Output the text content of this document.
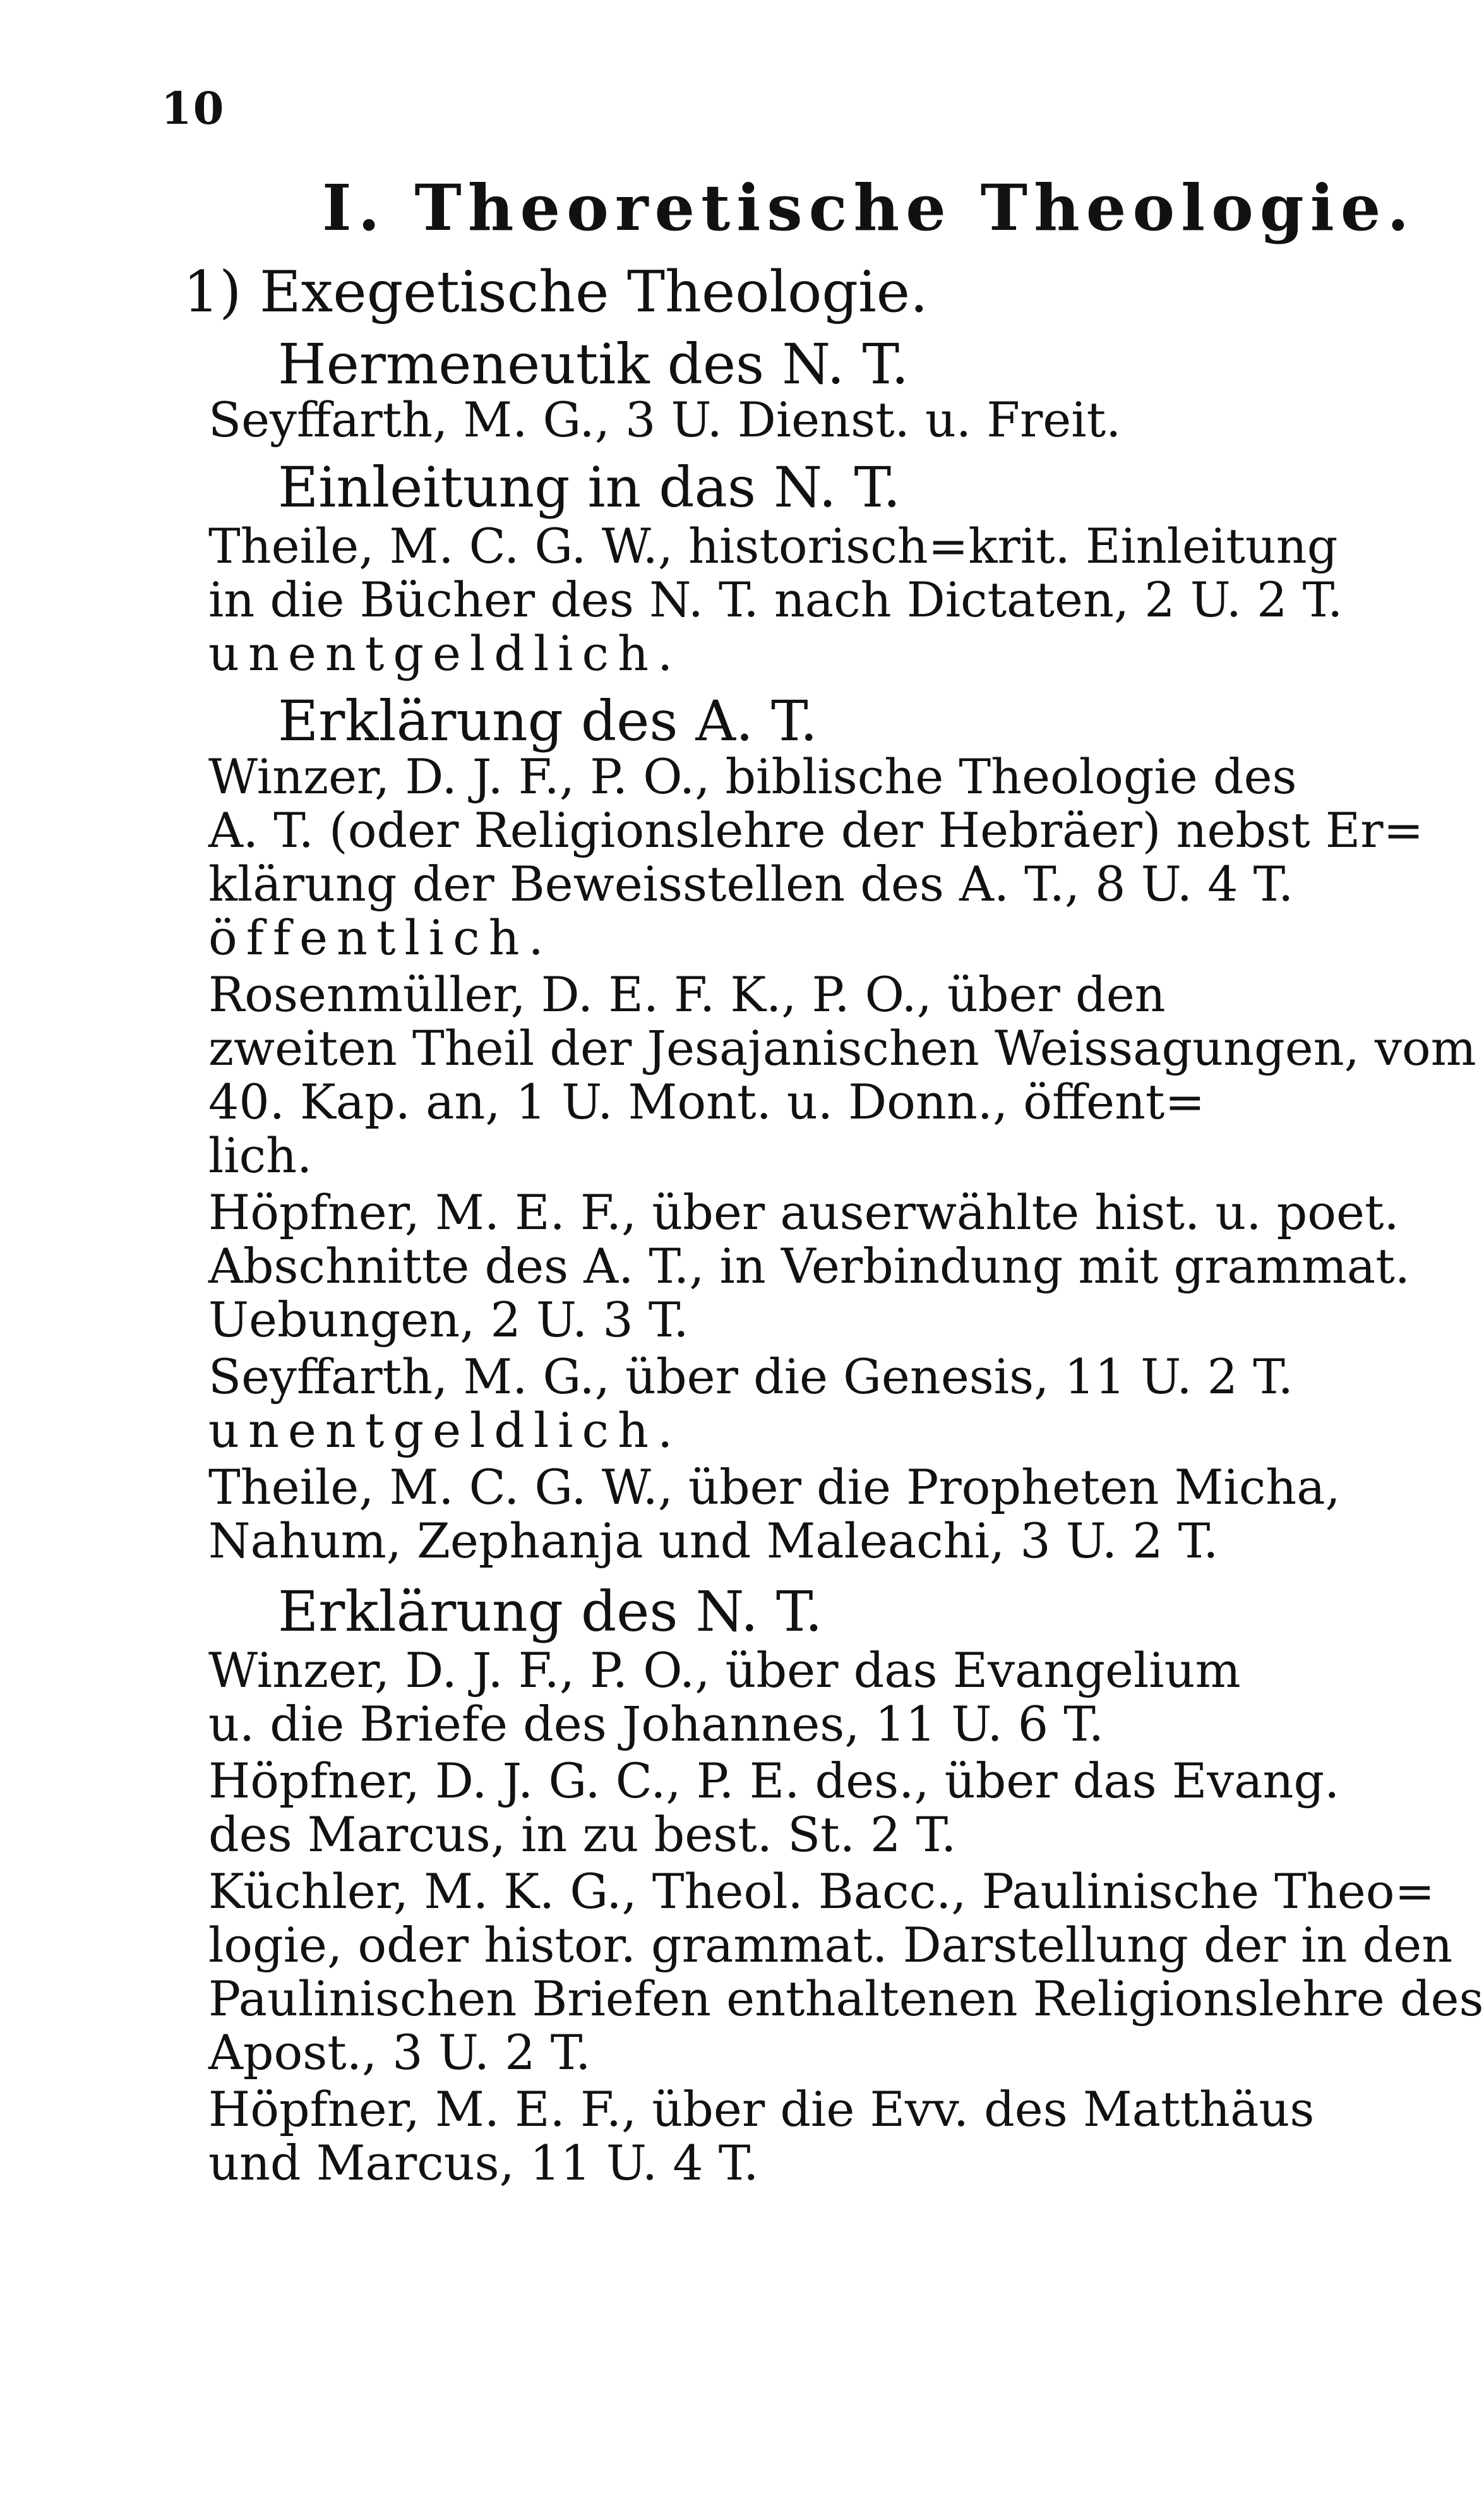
10
I. Theoretische Theologie.
1) Exegetische Theologie.
Hermeneutik des N. T.
Seyffarth, M. G., 3 U. Dienst. u. Freit.
Einleitung in das N. T.
Theile, M. C. G. W., historisch=krit. Einleitung
in die Bücher des N. T. nach Dictaten, 2 U. 2 T.
unentgeldlich.
Erklärung des A. T.
Winzer, D. J. F., P. O., biblische Theologie des
A. T. (oder Religionslehre der Hebräer) nebst Er=
klärung der Beweisstellen des A. T., 8 U. 4 T.
öffentlich.
Rosenmüller, D. E. F. K., P. O., über den
zweiten Theil der Jesajanischen Weissagungen, vom
40. Kap. an, 1 U. Mont. u. Donn., öffent=
lich.
Höpfner, M. E. F., über auserwählte hist. u. poet.
Abschnitte des A. T., in Verbindung mit grammat.
Uebungen, 2 U. 3 T.
Seyffarth, M. G., über die Genesis, 11 U. 2 T.
unentgeldlich.
Theile, M. C. G. W., über die Propheten Micha,
Nahum, Zephanja und Maleachi, 3 U. 2 T.
Erklärung des N. T.
Winzer, D. J. F., P. O., über das Evangelium
u. die Briefe des Johannes, 11 U. 6 T.
Höpfner, D. J. G. C., P. E. des., über das Evang.
des Marcus, in zu best. St. 2 T.
Küchler, M. K. G., Theol. Bacc., Paulinische Theo=
logie, oder histor. grammat. Darstellung der in den
Paulinischen Briefen enthaltenen Religionslehre des
Apost., 3 U. 2 T.
Höpfner, M. E. F., über die Evv. des Matthäus
und Marcus, 11 U. 4 T.
